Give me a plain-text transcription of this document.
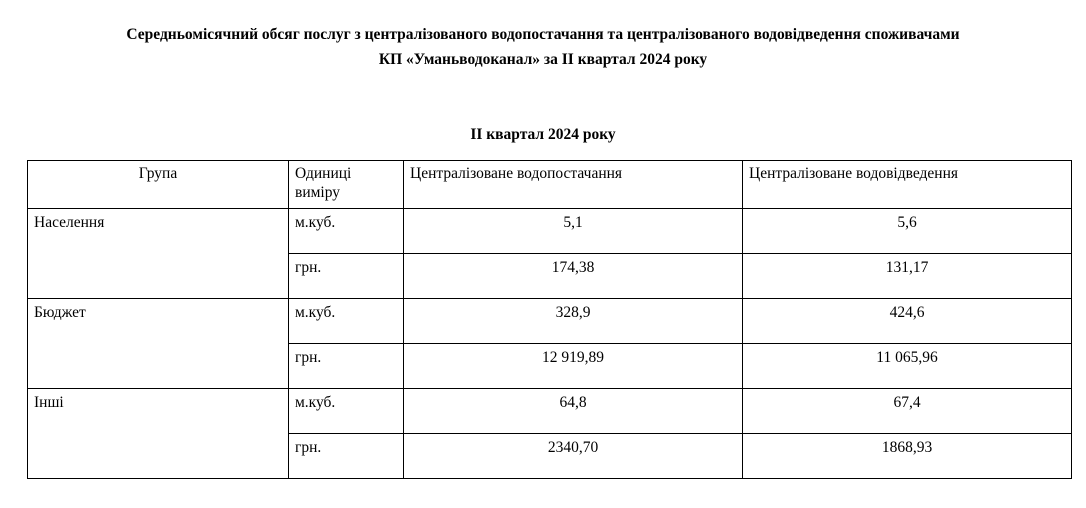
Середньомісячний обсяг послуг з централізованого водопостачання та централізованого водовідведення споживачами
КП «Уманьводоканал» за ІІ квартал 2024 року
ІІ квартал 2024 року
Група	Одиниці виміру	Централізоване водопостачання	Централізоване водовідведення
Населення	м.куб.	5,1	5,6
	грн.	174,38	131,17
Бюджет	м.куб.	328,9	424,6
	грн.	12 919,89	11 065,96
Інші	м.куб.	64,8	67,4
	грн.	2340,70	1868,93
